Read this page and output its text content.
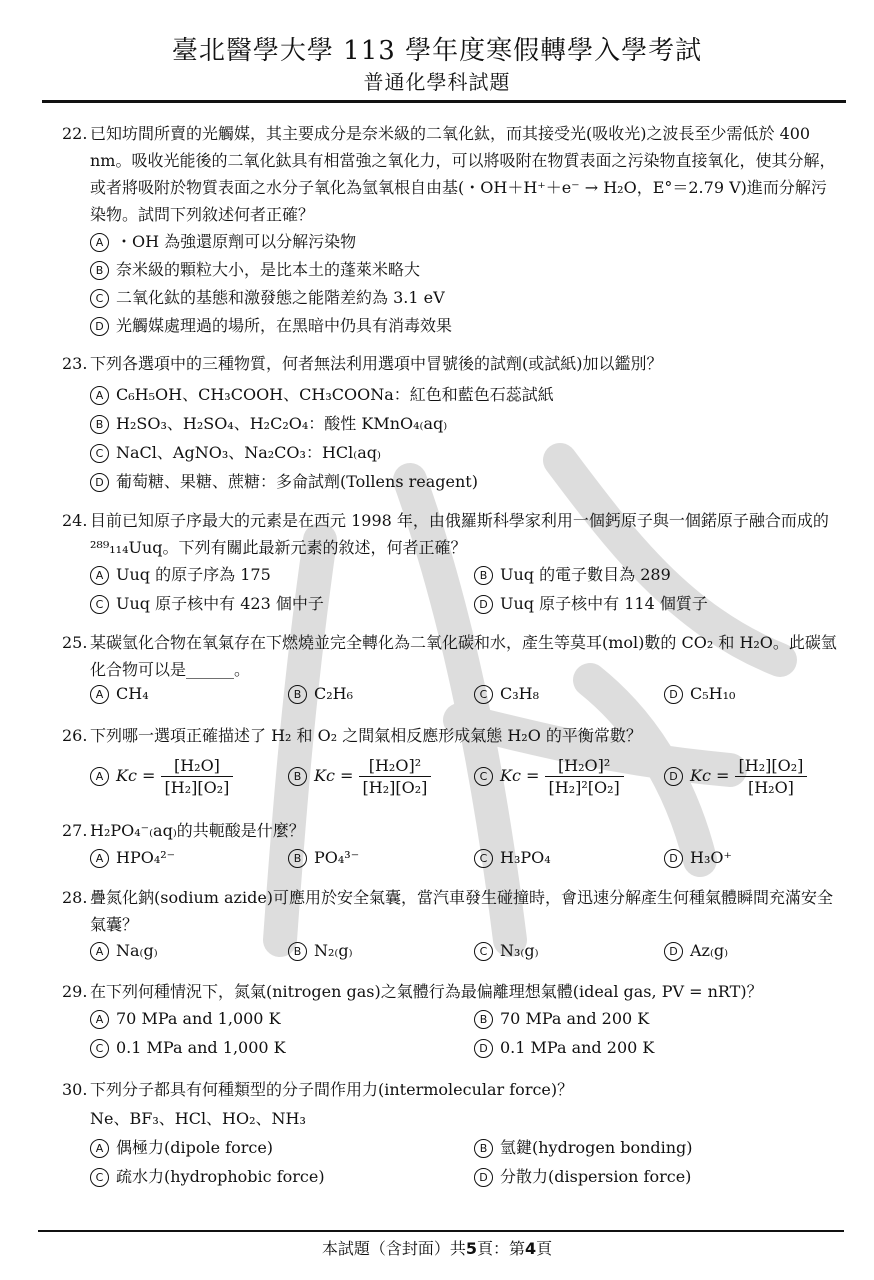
臺北醫學大學 113 學年度寒假轉學入學考試
普通化學科試題
22. 已知坊間所賣的光觸媒，其主要成分是奈米級的二氧化鈦，而其接受光(吸收光)之波長至少需低於 400 nm。吸收光能後的二氧化鈦具有相當強之氧化力，可以將吸附在物質表面之污染物直接氧化，使其分解，或者將吸附於物質表面之水分子氧化為氫氧根自由基(・OH＋H⁺＋e⁻ → H₂O，E°＝2.79 V)進而分解污染物。試問下列敘述何者正確？
A ・OH 為強還原劑可以分解污染物
B 奈米級的顆粒大小，是比本土的蓬萊米略大
C 二氧化鈦的基態和激發態之能階差約為 3.1 eV
D 光觸媒處理過的場所，在黑暗中仍具有消毒效果
23. 下列各選項中的三種物質，何者無法利用選項中冒號後的試劑(或試紙)加以鑑別？
A C₆H₅OH、CH₃COOH、CH₃COONa：紅色和藍色石蕊試紙
B H₂SO₃、H₂SO₄、H₂C₂O₄：酸性 KMnO₄₍aq₎
C NaCl、AgNO₃、Na₂CO₃：HCl₍aq₎
D 葡萄糖、果糖、蔗糖：多侖試劑(Tollens reagent)
24. 目前已知原子序最大的元素是在西元 1998 年，由俄羅斯科學家利用一個鈣原子與一個鍩原子融合而成的 ²⁸⁹₁₁₄Uuq。下列有關此最新元素的敘述，何者正確？
A Uuq 的原子序為 175	B Uuq 的電子數目為 289
C Uuq 原子核中有 423 個中子	D Uuq 原子核中有 114 個質子
25. 某碳氫化合物在氧氣存在下燃燒並完全轉化為二氧化碳和水，產生等莫耳(mol)數的 CO₂ 和 H₂O。此碳氫化合物可以是______。
A CH₄	B C₂H₆	C C₃H₈	D C₅H₁₀
26. 下列哪一選項正確描述了 H₂ 和 O₂ 之間氣相反應形成氣態 H₂O 的平衡常數？
A $Kc = \frac{\text{[H₂O]}}{\text{[H₂][O₂]}}$	B $Kc = \frac{\text{[H₂O]²}}{\text{[H₂][O₂]}}$	C $Kc = \frac{\text{[H₂O]²}}{\text{[H₂]²[O₂]}}$	D $Kc = \frac{\text{[H₂][O₂]}}{\text{[H₂O]}}$
27. H₂PO₄⁻₍aq₎的共軛酸是什麼？
A HPO₄²⁻	B PO₄³⁻	C H₃PO₄	D H₃O⁺
28. 疊氮化鈉(sodium azide)可應用於安全氣囊，當汽車發生碰撞時，會迅速分解產生何種氣體瞬間充滿安全氣囊？
A Na₍g₎	B N₂₍g₎	C N₃₍g₎	D Az₍g₎
29. 在下列何種情況下，氮氣(nitrogen gas)之氣體行為最偏離理想氣體(ideal gas, PV = nRT)？
A 70 MPa and 1,000 K	B 70 MPa and 200 K
C 0.1 MPa and 1,000 K	D 0.1 MPa and 200 K
30. 下列分子都具有何種類型的分子間作用力(intermolecular force)？
Ne、BF₃、HCl、HO₂、NH₃
A 偶極力(dipole force)	B 氫鍵(hydrogen bonding)
C 疏水力(hydrophobic force)	D 分散力(dispersion force)
本試題（含封面）共5頁：第4頁
